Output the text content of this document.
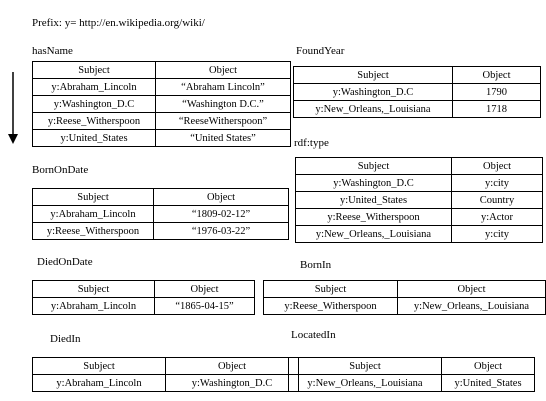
Prefix: y= http://en.wikipedia.org/wiki/
hasName
Subject	Object
y:Abraham_Lincoln	“Abraham Lincoln”
y:Washington_D.C	“Washington D.C.”
y:Reese_Witherspoon	“ReeseWitherspoon”
y:United_States	“United States”
FoundYear
Subject	Object
y:Washington_D.C	1790
y:New_Orleans,_Louisiana	1718
rdf:type
Subject	Object
y:Washington_D.C	y:city
y:United_States	Country
y:Reese_Witherspoon	y:Actor
y:New_Orleans,_Louisiana	y:city
BornOnDate
Subject	Object
y:Abraham_Lincoln	“1809-02-12”
y:Reese_Witherspoon	“1976-03-22”
DiedOnDate
Subject	Object
y:Abraham_Lincoln	“1865-04-15”
BornIn
Subject	Object
y:Reese_Witherspoon	y:New_Orleans,_Louisiana
DiedIn
Subject	Object
y:Abraham_Lincoln	y:Washington_D.C
LocatedIn
Subject	Object
y:New_Orleans,_Louisiana	y:United_States
